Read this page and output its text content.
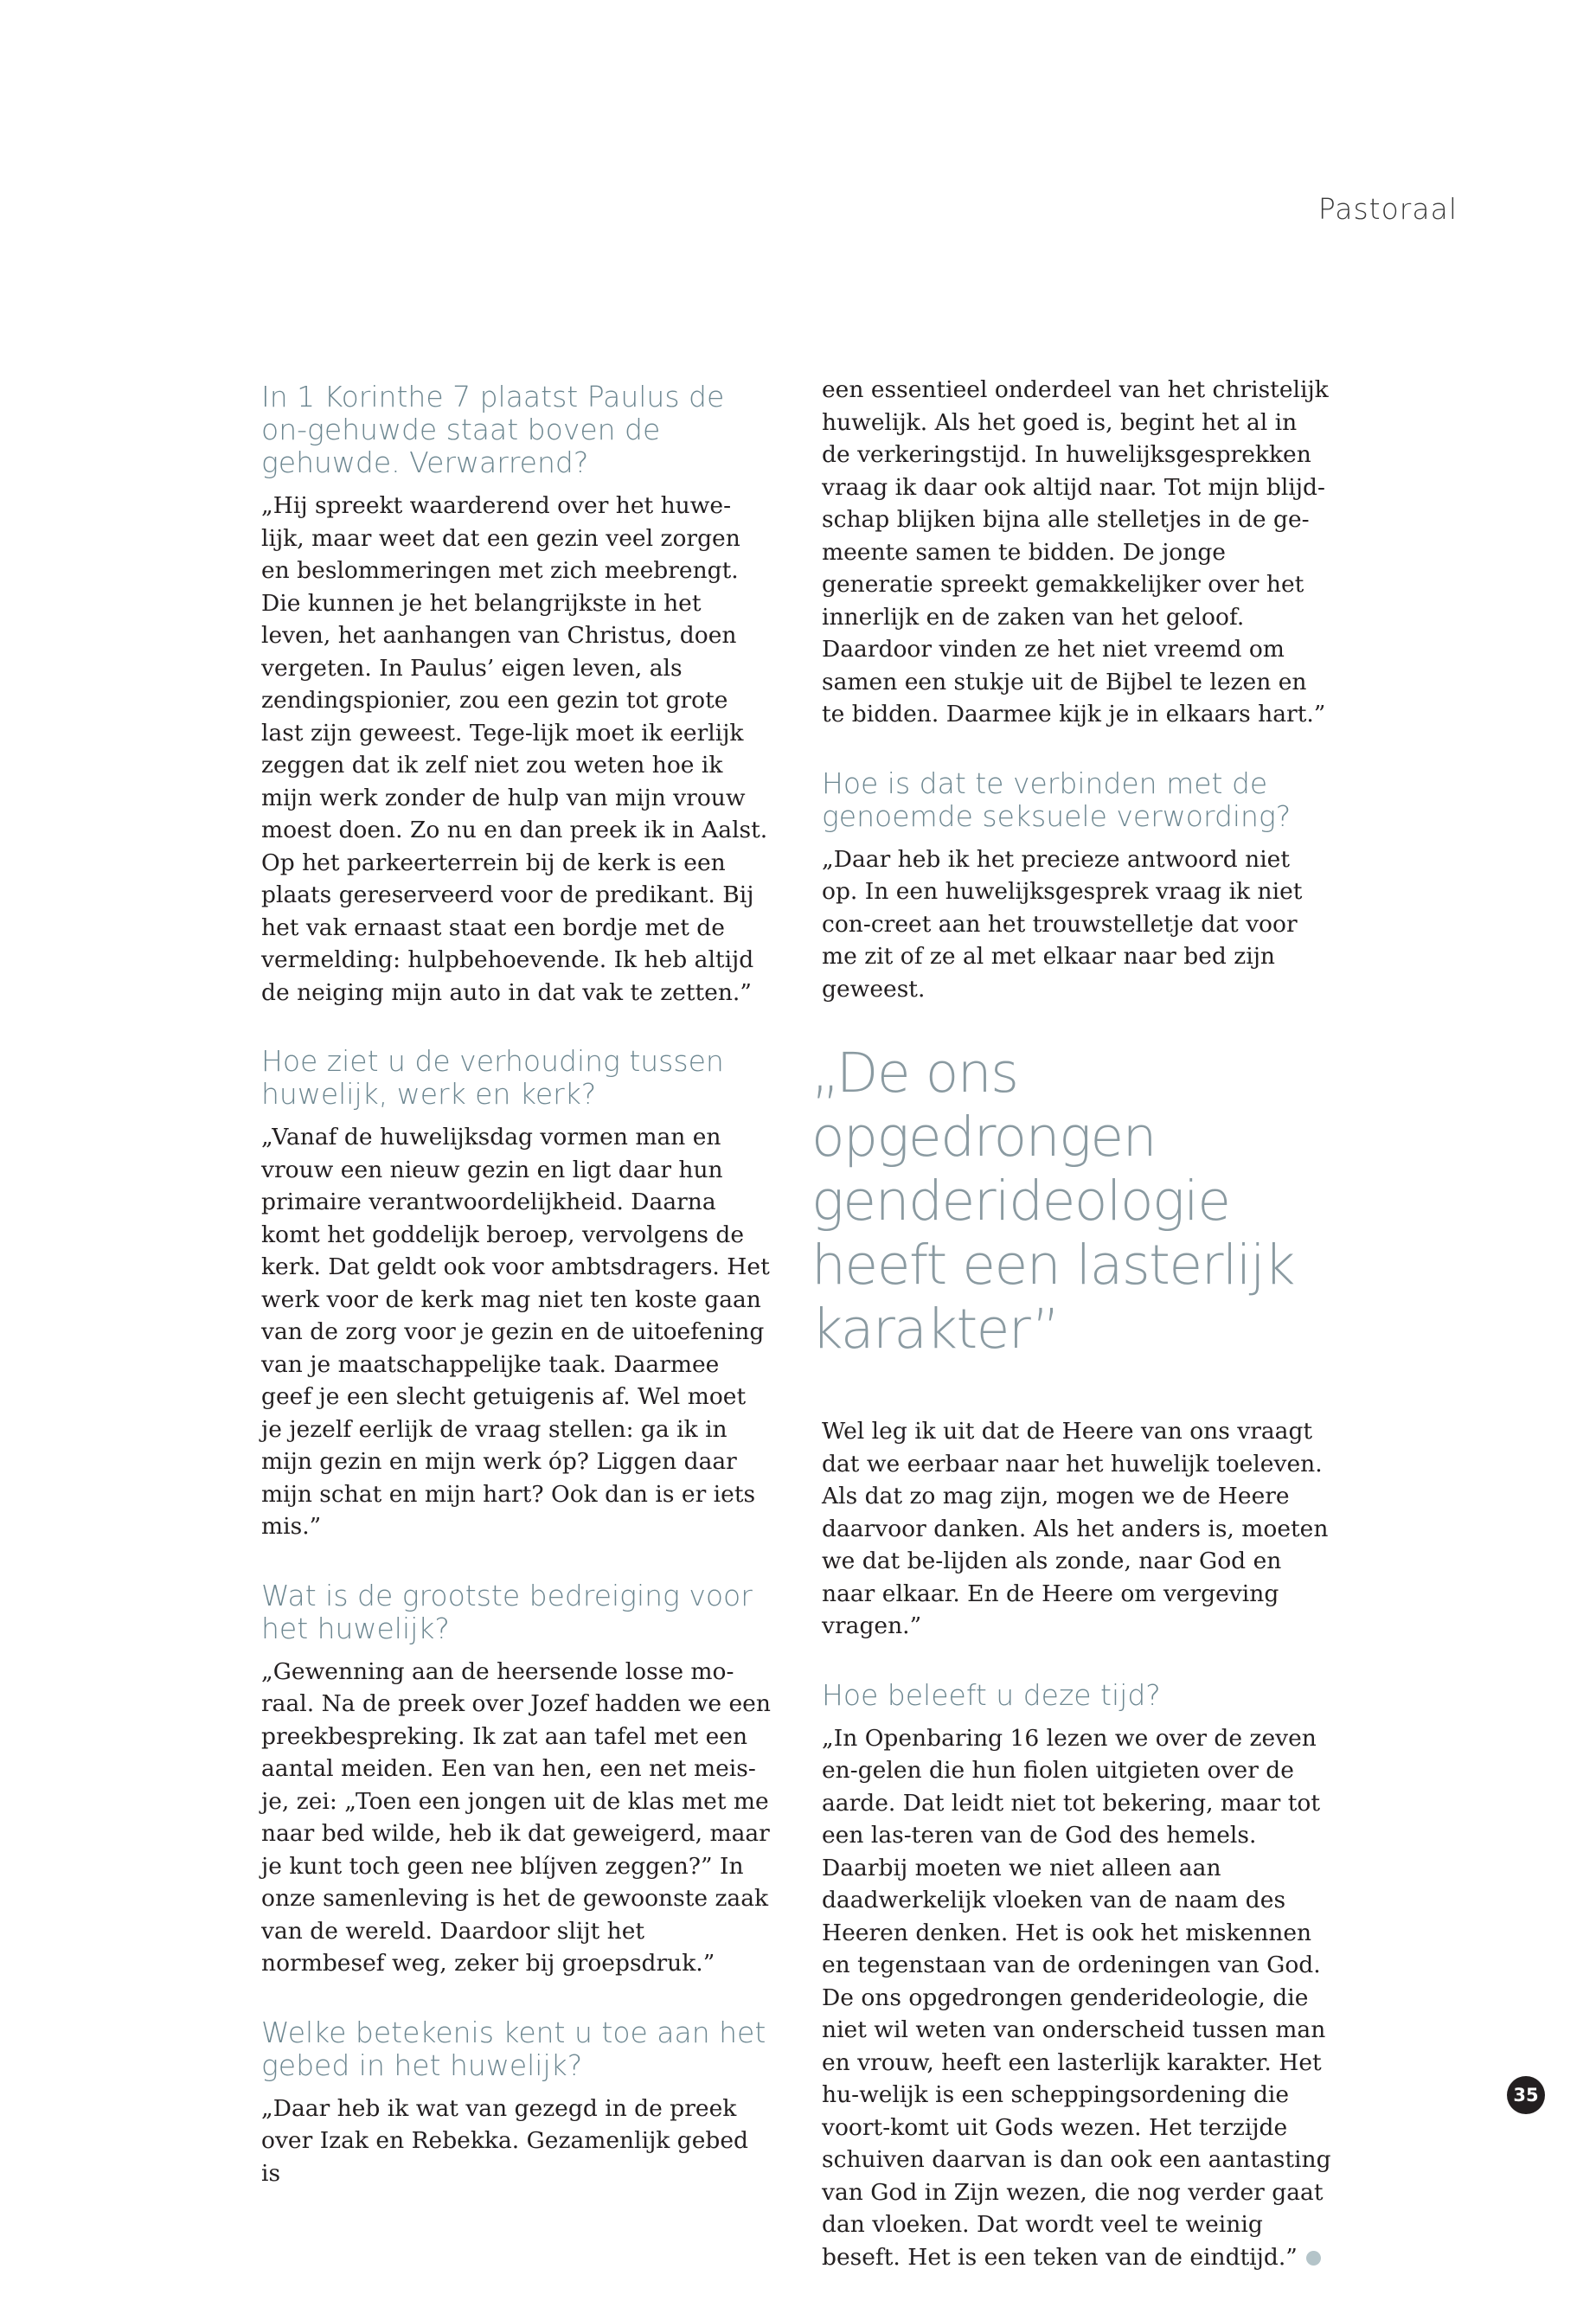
Pastoraal
In 1 Korinthe 7 plaatst Paulus de on-gehuwde staat boven de gehuwde. Verwarrend?

„Hij spreekt waarderend over het huwe-lijk, maar weet dat een gezin veel zorgen en beslommeringen met zich meebrengt. Die kunnen je het belangrijkste in het leven, het aanhangen van Christus, doen vergeten. In Paulus’ eigen leven, als zendingspionier, zou een gezin tot grote last zijn geweest. Tege-lijk moet ik eerlijk zeggen dat ik zelf niet zou weten hoe ik mijn werk zonder de hulp van mijn vrouw moest doen. Zo nu en dan preek ik in Aalst. Op het parkeerterrein bij de kerk is een plaats gereserveerd voor de predikant. Bij het vak ernaast staat een bordje met de vermelding: hulpbehoevende. Ik heb altijd de neiging mijn auto in dat vak te zetten.”

Hoe ziet u de verhouding tussen huwelijk, werk en kerk?

„Vanaf de huwelijksdag vormen man en vrouw een nieuw gezin en ligt daar hun primaire verantwoordelijkheid. Daarna komt het goddelijk beroep, vervolgens de kerk. Dat geldt ook voor ambtsdragers. Het werk voor de kerk mag niet ten koste gaan van de zorg voor je gezin en de uitoefening van je maatschappelijke taak. Daarmee geef je een slecht getuigenis af. Wel moet je jezelf eerlijk de vraag stellen: ga ik in mijn gezin en mijn werk óp? Liggen daar mijn schat en mijn hart? Ook dan is er iets mis.”

Wat is de grootste bedreiging voor het huwelijk?

„Gewenning aan de heersende losse mo-raal. Na de preek over Jozef hadden we een preekbespreking. Ik zat aan tafel met een aantal meiden. Een van hen, een net meis-je, zei: „Toen een jongen uit de klas met me naar bed wilde, heb ik dat geweigerd, maar je kunt toch geen nee blíjven zeggen?” In onze samenleving is het de gewoonste zaak van de wereld. Daardoor slijt het normbesef weg, zeker bij groepsdruk.”

Welke betekenis kent u toe aan het gebed in het huwelijk?

„Daar heb ik wat van gezegd in de preek over Izak en Rebekka. Gezamenlijk gebed is

een essentieel onderdeel van het christelijk huwelijk. Als het goed is, begint het al in de verkeringstijd. In huwelijksgesprekken vraag ik daar ook altijd naar. Tot mijn blijd-schap blijken bijna alle stelletjes in de ge-meente samen te bidden. De jonge generatie spreekt gemakkelijker over het innerlijk en de zaken van het geloof. Daardoor vinden ze het niet vreemd om samen een stukje uit de Bijbel te lezen en te bidden. Daarmee kijk je in elkaars hart.”

Hoe is dat te verbinden met de genoemde seksuele verwording?

„Daar heb ik het precieze antwoord niet op. In een huwelijksgesprek vraag ik niet con-creet aan het trouwstelletje dat voor me zit of ze al met elkaar naar bed zijn geweest.

„De ons opgedrongen genderideologie heeft een lasterlijk karakter”

Wel leg ik uit dat de Heere van ons vraagt dat we eerbaar naar het huwelijk toeleven. Als dat zo mag zijn, mogen we de Heere daarvoor danken. Als het anders is, moeten we dat be-lijden als zonde, naar God en naar elkaar. En de Heere om vergeving vragen.”

Hoe beleeft u deze tijd?

„In Openbaring 16 lezen we over de zeven en-gelen die hun fiolen uitgieten over de aarde. Dat leidt niet tot bekering, maar tot een las-teren van de God des hemels. Daarbij moeten we niet alleen aan daadwerkelijk vloeken van de naam des Heeren denken. Het is ook het miskennen en tegenstaan van de ordeningen van God.

De ons opgedrongen genderideologie, die niet wil weten van onderscheid tussen man en vrouw, heeft een lasterlijk karakter. Het hu-welijk is een scheppingsordening die voort-komt uit Gods wezen. Het terzijde schuiven daarvan is dan ook een aantasting van God in Zijn wezen, die nog verder gaat dan vloeken. Dat wordt veel te weinig beseft. Het is een teken van de eindtijd.”

35
